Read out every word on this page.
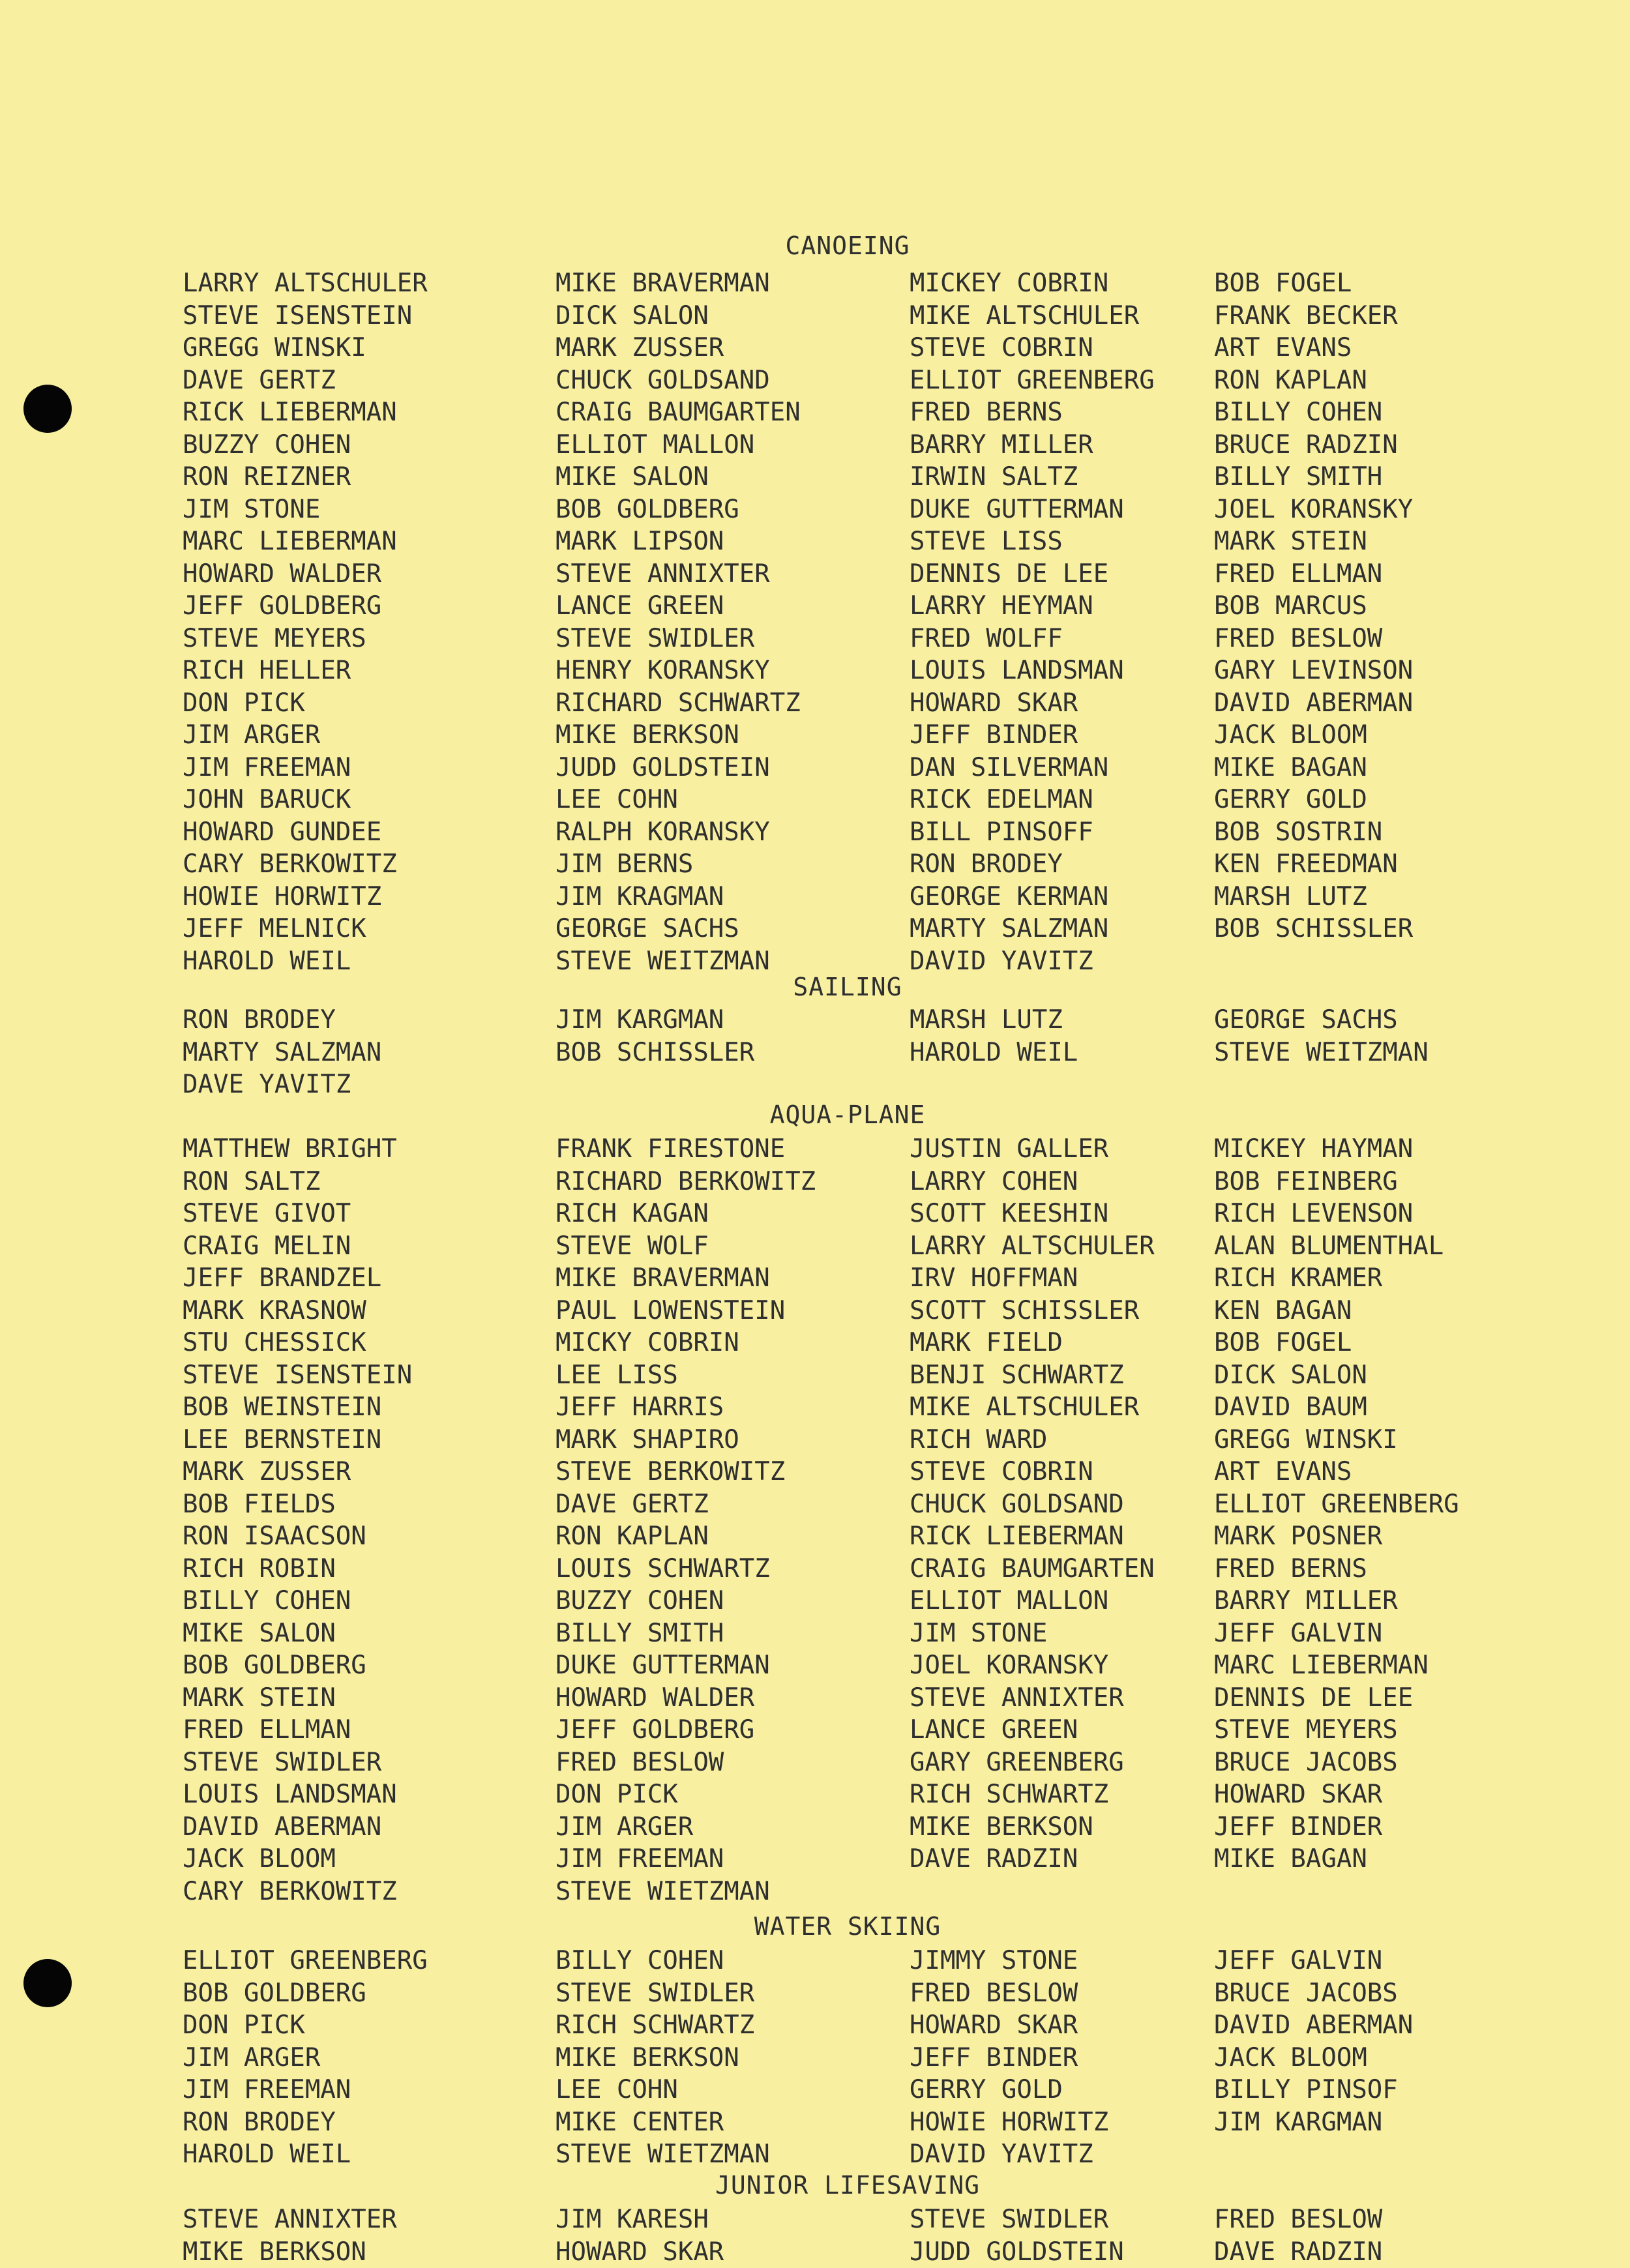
CANOEING
LARRY ALTSCHULER
STEVE ISENSTEIN
GREGG WINSKI
DAVE GERTZ
RICK LIEBERMAN
BUZZY COHEN
RON REIZNER
JIM STONE
MARC LIEBERMAN
HOWARD WALDER
JEFF GOLDBERG
STEVE MEYERS
RICH HELLER
DON PICK
JIM ARGER
JIM FREEMAN
JOHN BARUCK
HOWARD GUNDEE
CARY BERKOWITZ
HOWIE HORWITZ
JEFF MELNICK
HAROLD WEIL
MIKE BRAVERMAN
DICK SALON
MARK ZUSSER
CHUCK GOLDSAND
CRAIG BAUMGARTEN
ELLIOT MALLON
MIKE SALON
BOB GOLDBERG
MARK LIPSON
STEVE ANNIXTER
LANCE GREEN
STEVE SWIDLER
HENRY KORANSKY
RICHARD SCHWARTZ
MIKE BERKSON
JUDD GOLDSTEIN
LEE COHN
RALPH KORANSKY
JIM BERNS
JIM KRAGMAN
GEORGE SACHS
STEVE WEITZMAN
MICKEY COBRIN
MIKE ALTSCHULER
STEVE COBRIN
ELLIOT GREENBERG
FRED BERNS
BARRY MILLER
IRWIN SALTZ
DUKE GUTTERMAN
STEVE LISS
DENNIS DE LEE
LARRY HEYMAN
FRED WOLFF
LOUIS LANDSMAN
HOWARD SKAR
JEFF BINDER
DAN SILVERMAN
RICK EDELMAN
BILL PINSOFF
RON BRODEY
GEORGE KERMAN
MARTY SALZMAN
DAVID YAVITZ
BOB FOGEL
FRANK BECKER
ART EVANS
RON KAPLAN
BILLY COHEN
BRUCE RADZIN
BILLY SMITH
JOEL KORANSKY
MARK STEIN
FRED ELLMAN
BOB MARCUS
FRED BESLOW
GARY LEVINSON
DAVID ABERMAN
JACK BLOOM
MIKE BAGAN
GERRY GOLD
BOB SOSTRIN
KEN FREEDMAN
MARSH LUTZ
BOB SCHISSLER
SAILING
RON BRODEY
MARTY SALZMAN
DAVE YAVITZ
JIM KARGMAN
BOB SCHISSLER
MARSH LUTZ
HAROLD WEIL
GEORGE SACHS
STEVE WEITZMAN
AQUA-PLANE
MATTHEW BRIGHT
RON SALTZ
STEVE GIVOT
CRAIG MELIN
JEFF BRANDZEL
MARK KRASNOW
STU CHESSICK
STEVE ISENSTEIN
BOB WEINSTEIN
LEE BERNSTEIN
MARK ZUSSER
BOB FIELDS
RON ISAACSON
RICH ROBIN
BILLY COHEN
MIKE SALON
BOB GOLDBERG
MARK STEIN
FRED ELLMAN
STEVE SWIDLER
LOUIS LANDSMAN
DAVID ABERMAN
JACK BLOOM
CARY BERKOWITZ
FRANK FIRESTONE
RICHARD BERKOWITZ
RICH KAGAN
STEVE WOLF
MIKE BRAVERMAN
PAUL LOWENSTEIN
MICKY COBRIN
LEE LISS
JEFF HARRIS
MARK SHAPIRO
STEVE BERKOWITZ
DAVE GERTZ
RON KAPLAN
LOUIS SCHWARTZ
BUZZY COHEN
BILLY SMITH
DUKE GUTTERMAN
HOWARD WALDER
JEFF GOLDBERG
FRED BESLOW
DON PICK
JIM ARGER
JIM FREEMAN
STEVE WIETZMAN
JUSTIN GALLER
LARRY COHEN
SCOTT KEESHIN
LARRY ALTSCHULER
IRV HOFFMAN
SCOTT SCHISSLER
MARK FIELD
BENJI SCHWARTZ
MIKE ALTSCHULER
RICH WARD
STEVE COBRIN
CHUCK GOLDSAND
RICK LIEBERMAN
CRAIG BAUMGARTEN
ELLIOT MALLON
JIM STONE
JOEL KORANSKY
STEVE ANNIXTER
LANCE GREEN
GARY GREENBERG
RICH SCHWARTZ
MIKE BERKSON
DAVE RADZIN
MICKEY HAYMAN
BOB FEINBERG
RICH LEVENSON
ALAN BLUMENTHAL
RICH KRAMER
KEN BAGAN
BOB FOGEL
DICK SALON
DAVID BAUM
GREGG WINSKI
ART EVANS
ELLIOT GREENBERG
MARK POSNER
FRED BERNS
BARRY MILLER
JEFF GALVIN
MARC LIEBERMAN
DENNIS DE LEE
STEVE MEYERS
BRUCE JACOBS
HOWARD SKAR
JEFF BINDER
MIKE BAGAN
WATER SKIING
ELLIOT GREENBERG
BOB GOLDBERG
DON PICK
JIM ARGER
JIM FREEMAN
RON BRODEY
HAROLD WEIL
BILLY COHEN
STEVE SWIDLER
RICH SCHWARTZ
MIKE BERKSON
LEE COHN
MIKE CENTER
STEVE WIETZMAN
JIMMY STONE
FRED BESLOW
HOWARD SKAR
JEFF BINDER
GERRY GOLD
HOWIE HORWITZ
DAVID YAVITZ
JEFF GALVIN
BRUCE JACOBS
DAVID ABERMAN
JACK BLOOM
BILLY PINSOF
JIM KARGMAN
JUNIOR LIFESAVING
STEVE ANNIXTER
MIKE BERKSON
JIM KARESH
HOWARD SKAR
STEVE SWIDLER
JUDD GOLDSTEIN
FRED BESLOW
DAVE RADZIN
